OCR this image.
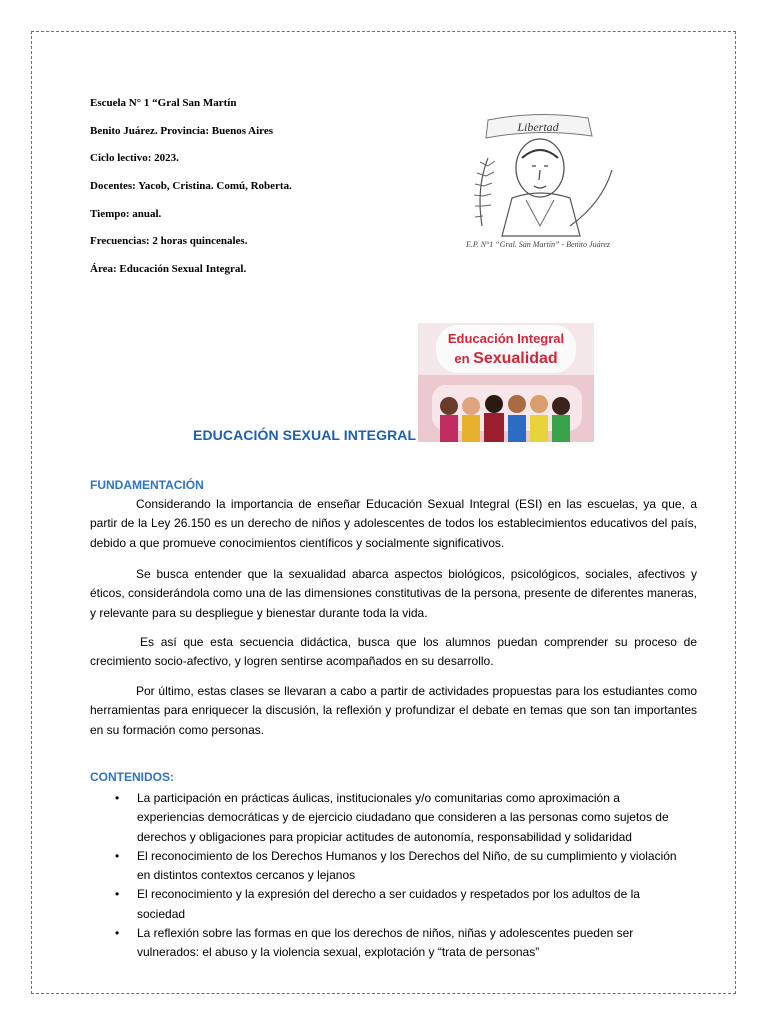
Escuela N° 1 “Gral San Martín

Benito Juárez. Provincia: Buenos Aires

Ciclo lectivo: 2023.

Docentes: Yacob, Cristina. Comú, Roberta.

Tiempo: anual.

Frecuencias: 2 horas quincenales.

Área: Educación Sexual Integral.

Libertad
E.P. N°1 “Gral. San Martín” - Benito Juárez
Educación Integral
en Sexualidad
EDUCACIÓN SEXUAL INTEGRAL
FUNDAMENTACIÓN

Considerando la importancia de enseñar Educación Sexual Integral (ESI) en las escuelas, ya que, a partir de la Ley 26.150 es un derecho de niños y adolescentes de todos los establecimientos educativos del país, debido a que promueve conocimientos científicos y socialmente significativos.

Se busca entender que la sexualidad abarca aspectos biológicos, psicológicos, sociales, afectivos y éticos, considerándola como una de las dimensiones constitutivas de la persona, presente de diferentes maneras, y relevante para su despliegue y bienestar durante toda la vida.

Es así que esta secuencia didáctica, busca que los alumnos puedan comprender su proceso de crecimiento socio-afectivo, y logren sentirse acompañados en su desarrollo.

Por último, estas clases se llevaran a cabo a partir de actividades propuestas para los estudiantes como herramientas para enriquecer la discusión, la reflexión y profundizar el debate en temas que son tan importantes en su formación como personas.

CONTENIDOS:
• La participación en prácticas áulicas, institucionales y/o comunitarias como aproximación a experiencias democráticas y de ejercicio ciudadano que consideren a las personas como sujetos de derechos y obligaciones para propiciar actitudes de autonomía, responsabilidad y solidaridad
• El reconocimiento de los Derechos Humanos y los Derechos del Niño, de su cumplimiento y violación en distintos contextos cercanos y lejanos
• El reconocimiento y la expresión del derecho a ser cuidados y respetados por los adultos de la sociedad
• La reflexión sobre las formas en que los derechos de niños, niñas y adolescentes pueden ser vulnerados: el abuso y la violencia sexual, explotación y “trata de personas”
